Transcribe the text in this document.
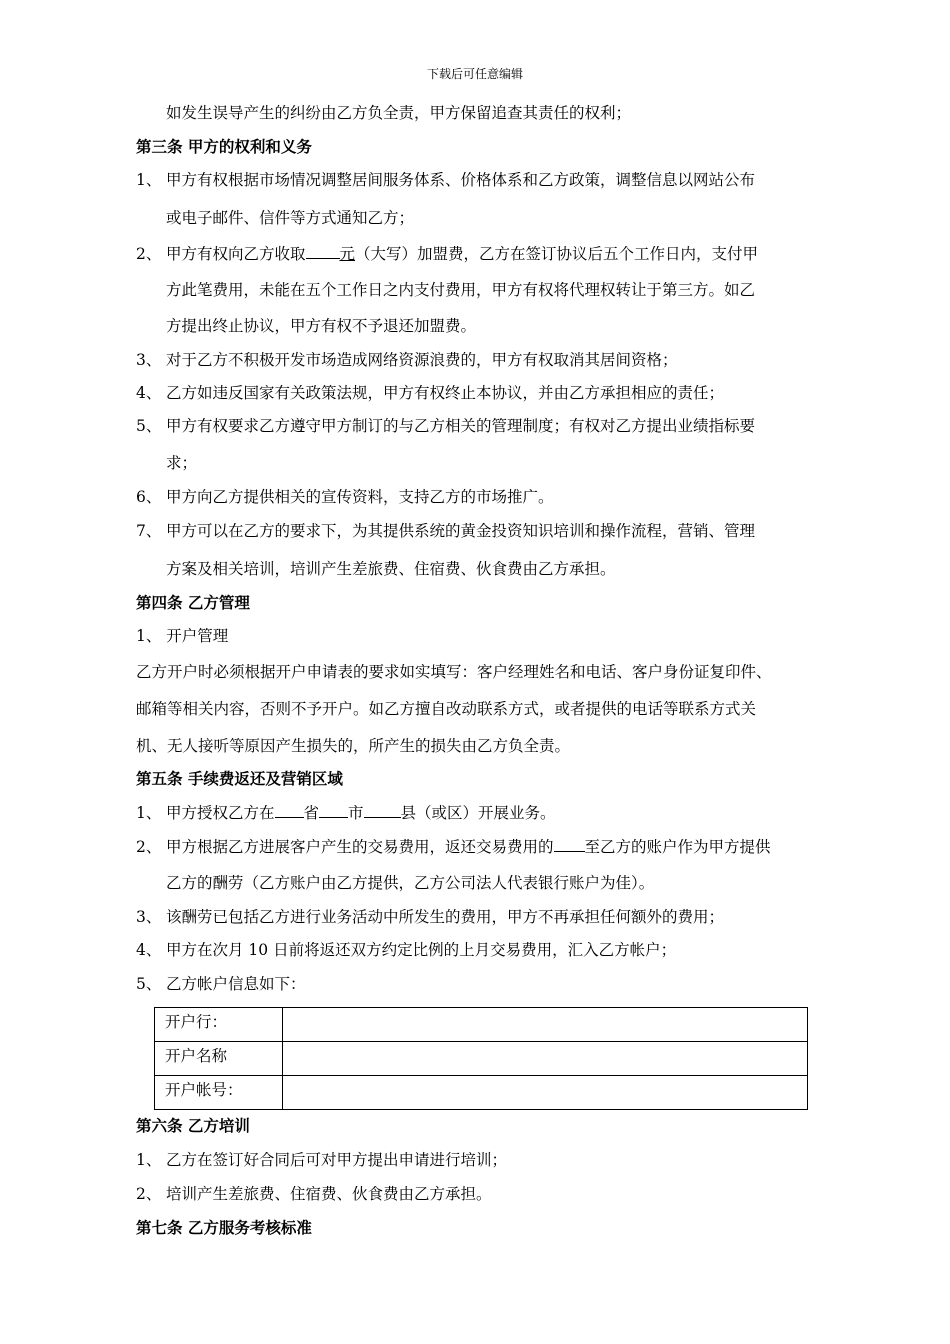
下载后可任意编辑
如发生误导产生的纠纷由乙方负全责，甲方保留追查其责任的权利；
第三条 甲方的权利和义务
1、 甲方有权根据市场情况调整居间服务体系、价格体系和乙方政策，调整信息以网站公布
或电子邮件、信件等方式通知乙方；
2、 甲方有权向乙方收取 元（大写）加盟费，乙方在签订协议后五个工作日内，支付甲
方此笔费用，未能在五个工作日之内支付费用，甲方有权将代理权转让于第三方。如乙
方提出终止协议，甲方有权不予退还加盟费。
3、 对于乙方不积极开发市场造成网络资源浪费的，甲方有权取消其居间资格；
4、 乙方如违反国家有关政策法规，甲方有权终止本协议，并由乙方承担相应的责任；
5、 甲方有权要求乙方遵守甲方制订的与乙方相关的管理制度；有权对乙方提出业绩指标要
求；
6、 甲方向乙方提供相关的宣传资料，支持乙方的市场推广。
7、 甲方可以在乙方的要求下，为其提供系统的黄金投资知识培训和操作流程，营销、管理
方案及相关培训，培训产生差旅费、住宿费、伙食费由乙方承担。
第四条 乙方管理
1、 开户管理
乙方开户时必须根据开户申请表的要求如实填写：客户经理姓名和电话、客户身份证复印件、
邮箱等相关内容，否则不予开户。如乙方擅自改动联系方式，或者提供的电话等联系方式关
机、无人接听等原因产生损失的，所产生的损失由乙方负全责。
第五条 手续费返还及营销区域
1、 甲方授权乙方在 省 市 县（或区）开展业务。
2、 甲方根据乙方进展客户产生的交易费用，返还交易费用的 至乙方的账户作为甲方提供
乙方的酬劳（乙方账户由乙方提供，乙方公司法人代表银行账户为佳）。
3、 该酬劳已包括乙方进行业务活动中所发生的费用，甲方不再承担任何额外的费用；
4、 甲方在次月 10 日前将返还双方约定比例的上月交易费用，汇入乙方帐户；
5、 乙方帐户信息如下：
开户行：	
开户名称	
开户帐号：	
第六条 乙方培训
1、 乙方在签订好合同后可对甲方提出申请进行培训；
2、 培训产生差旅费、住宿费、伙食费由乙方承担。
第七条 乙方服务考核标准
